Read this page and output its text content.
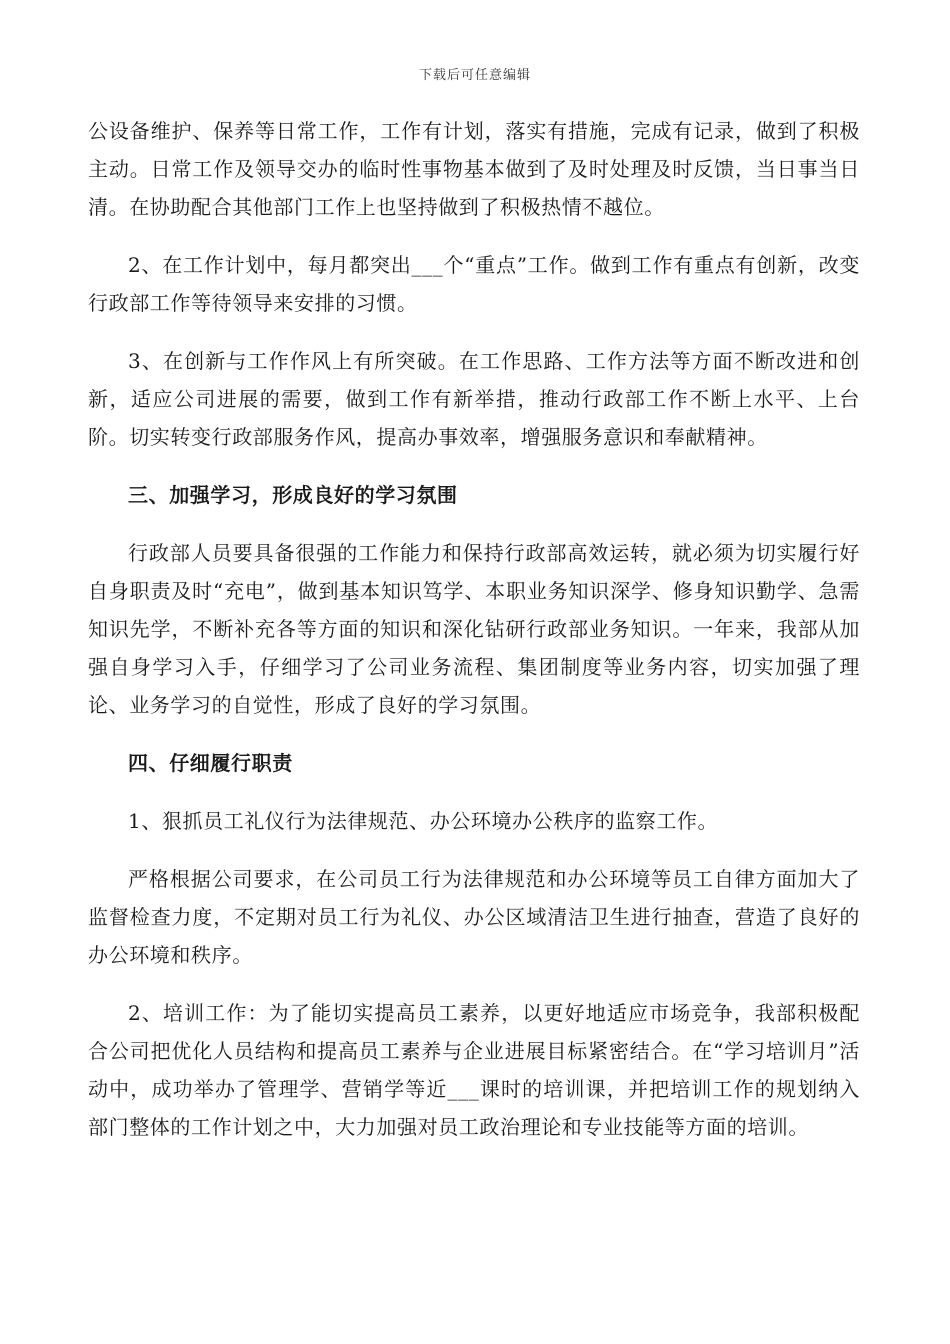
下载后可任意编辑

公设备维护、保养等日常工作，工作有计划，落实有措施，完成有记录，做到了积极主动。日常工作及领导交办的临时性事物基本做到了及时处理及时反馈，当日事当日清。在协助配合其他部门工作上也坚持做到了积极热情不越位。

2、在工作计划中，每月都突出___个“重点”工作。做到工作有重点有创新，改变行政部工作等待领导来安排的习惯。

3、在创新与工作作风上有所突破。在工作思路、工作方法等方面不断改进和创新，适应公司进展的需要，做到工作有新举措，推动行政部工作不断上水平、上台阶。切实转变行政部服务作风，提高办事效率，增强服务意识和奉献精神。

三、加强学习，形成良好的学习氛围

行政部人员要具备很强的工作能力和保持行政部高效运转，就必须为切实履行好自身职责及时“充电”，做到基本知识笃学、本职业务知识深学、修身知识勤学、急需知识先学，不断补充各等方面的知识和深化钻研行政部业务知识。一年来，我部从加强自身学习入手，仔细学习了公司业务流程、集团制度等业务内容，切实加强了理论、业务学习的自觉性，形成了良好的学习氛围。

四、仔细履行职责

1、狠抓员工礼仪行为法律规范、办公环境办公秩序的监察工作。

严格根据公司要求，在公司员工行为法律规范和办公环境等员工自律方面加大了监督检查力度，不定期对员工行为礼仪、办公区域清洁卫生进行抽查，营造了良好的办公环境和秩序。

2、培训工作：为了能切实提高员工素养，以更好地适应市场竞争，我部积极配合公司把优化人员结构和提高员工素养与企业进展目标紧密结合。在“学习培训月”活动中，成功举办了管理学、营销学等近___课时的培训课，并把培训工作的规划纳入部门整体的工作计划之中，大力加强对员工政治理论和专业技能等方面的培训。
